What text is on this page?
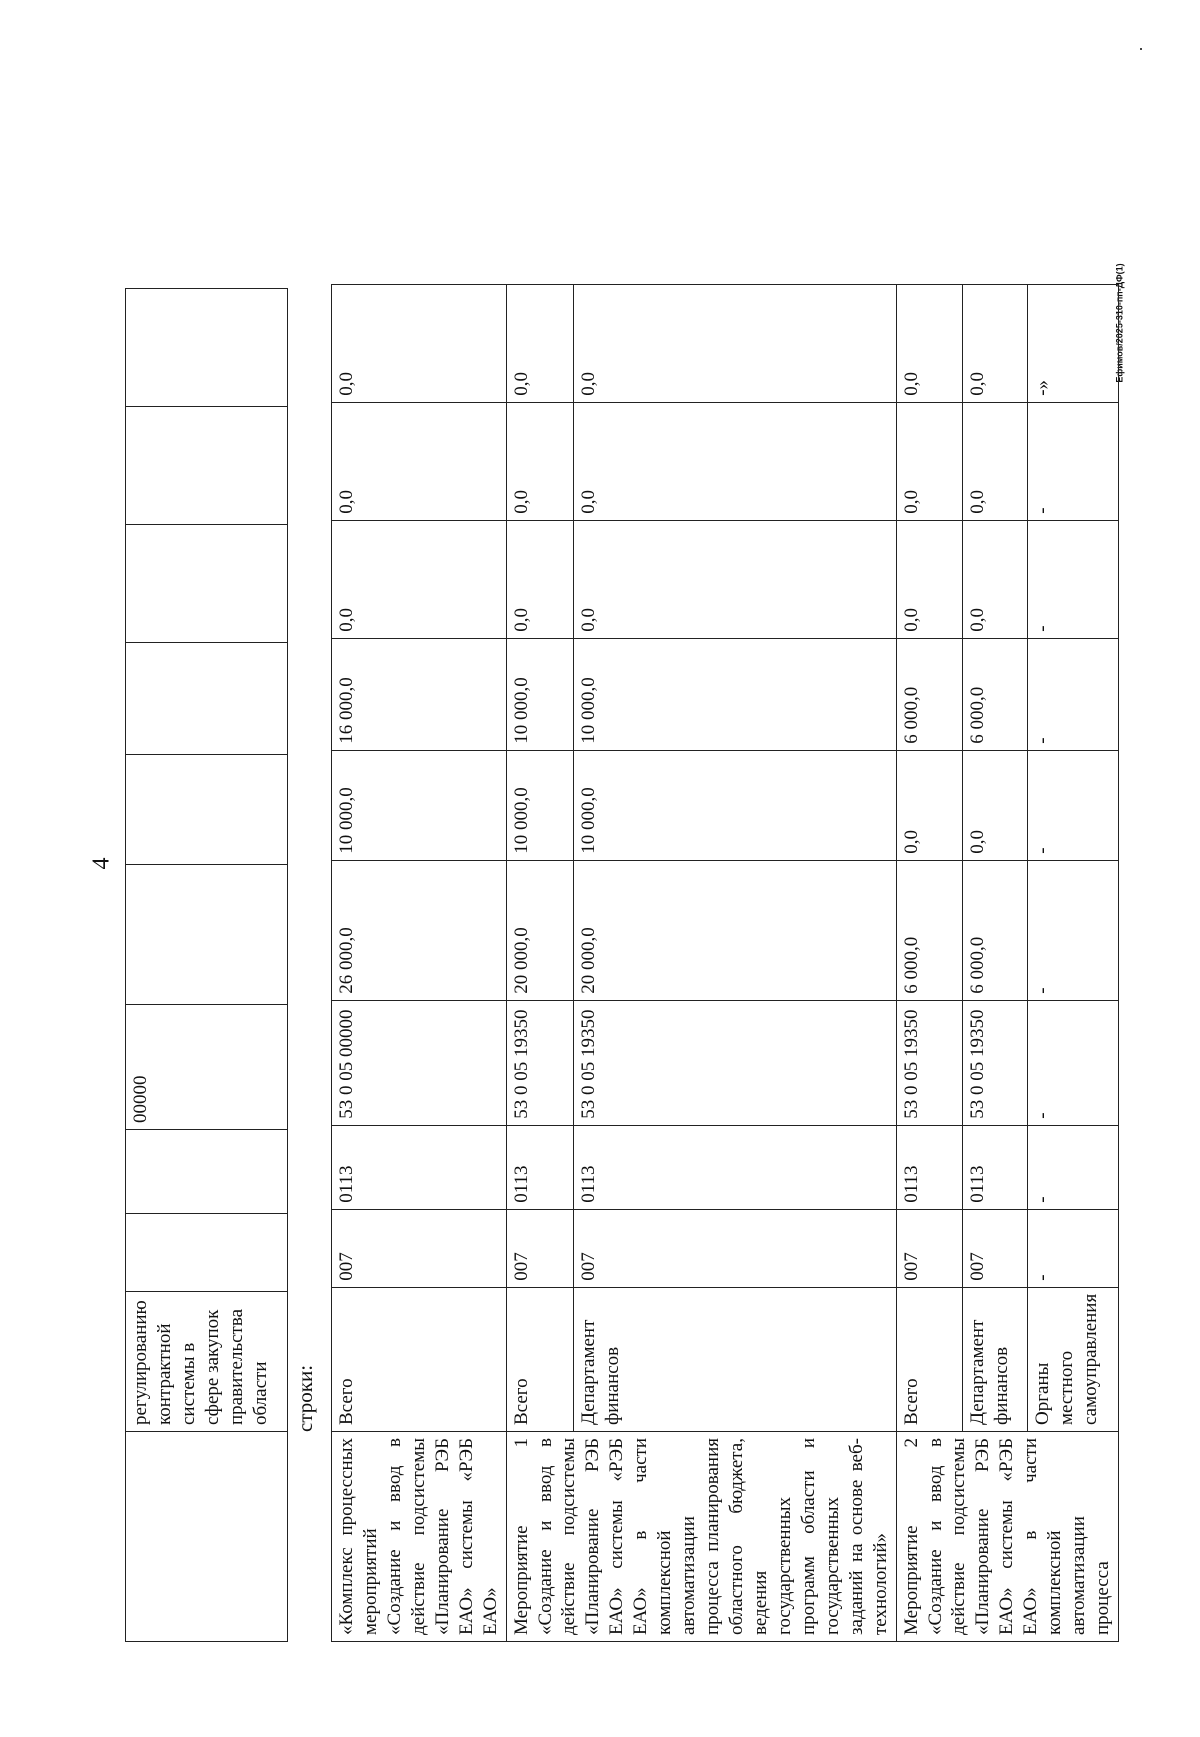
4
Ефимов/2025-310-пп-ДФ(1)
	регулированию контрактной системы в сфере закупок правительства области			00000						
строки:
«Комплекс процессных мероприятий «Создание и ввод в действие подсистемы «Планирование РЭБ ЕАО» системы «РЭБ ЕАО»	Всего	007	0113	53 0 05 00000	26 000,0	10 000,0	16 000,0	0,0	0,0	0,0
Мероприятие 1 «Создание и ввод в действие подсистемы «Планирование РЭБ ЕАО» системы «РЭБ ЕАО» в части комплексной автоматизации процесса планирования областного бюджета, ведения государственных программ области и государственных заданий на основе веб-технологий»	Всего	007	0113	53 0 05 19350	20 000,0	10 000,0	10 000,0	0,0	0,0	0,0
	Департамент финансов	007	0113	53 0 05 19350	20 000,0	10 000,0	10 000,0	0,0	0,0	0,0
Мероприятие 2 «Создание и ввод в действие подсистемы «Планирование РЭБ ЕАО» системы «РЭБ ЕАО» в части комплексной автоматизации процесса	Всего	007	0113	53 0 05 19350	6 000,0	0,0	6 000,0	0,0	0,0	0,0
	Департамент финансов	007	0113	53 0 05 19350	6 000,0	0,0	6 000,0	0,0	0,0	0,0
	Органы местного самоуправления	-	-	-	-	-	-	-	-	-»
